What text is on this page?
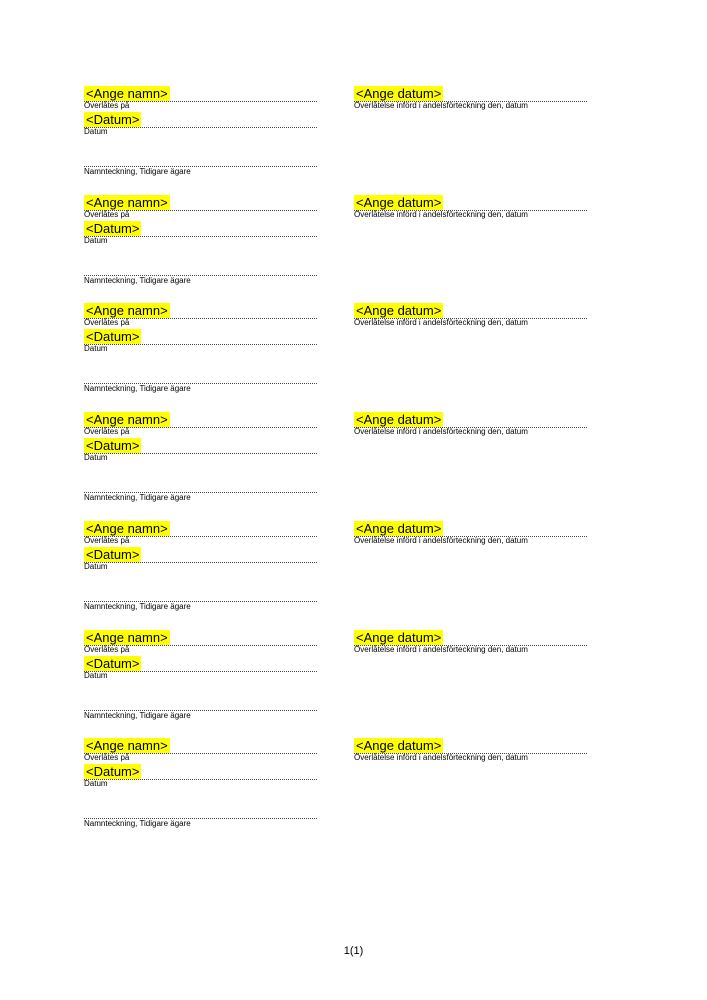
<Ange namn>
Överlåtes på
<Datum>
Datum
Namnteckning, Tidigare ägare
<Ange datum>
Överlåtelse införd i andelsförteckning den, datum
<Ange namn>
Överlåtes på
<Datum>
Datum
Namnteckning, Tidigare ägare
<Ange datum>
Överlåtelse införd i andelsförteckning den, datum
<Ange namn>
Överlåtes på
<Datum>
Datum
Namnteckning, Tidigare ägare
<Ange datum>
Överlåtelse införd i andelsförteckning den, datum
<Ange namn>
Överlåtes på
<Datum>
Datum
Namnteckning, Tidigare ägare
<Ange datum>
Överlåtelse införd i andelsförteckning den, datum
<Ange namn>
Överlåtes på
<Datum>
Datum
Namnteckning, Tidigare ägare
<Ange datum>
Överlåtelse införd i andelsförteckning den, datum
<Ange namn>
Överlåtes på
<Datum>
Datum
Namnteckning, Tidigare ägare
<Ange datum>
Överlåtelse införd i andelsförteckning den, datum
<Ange namn>
Överlåtes på
<Datum>
Datum
Namnteckning, Tidigare ägare
<Ange datum>
Överlåtelse införd i andelsförteckning den, datum
1(1)
